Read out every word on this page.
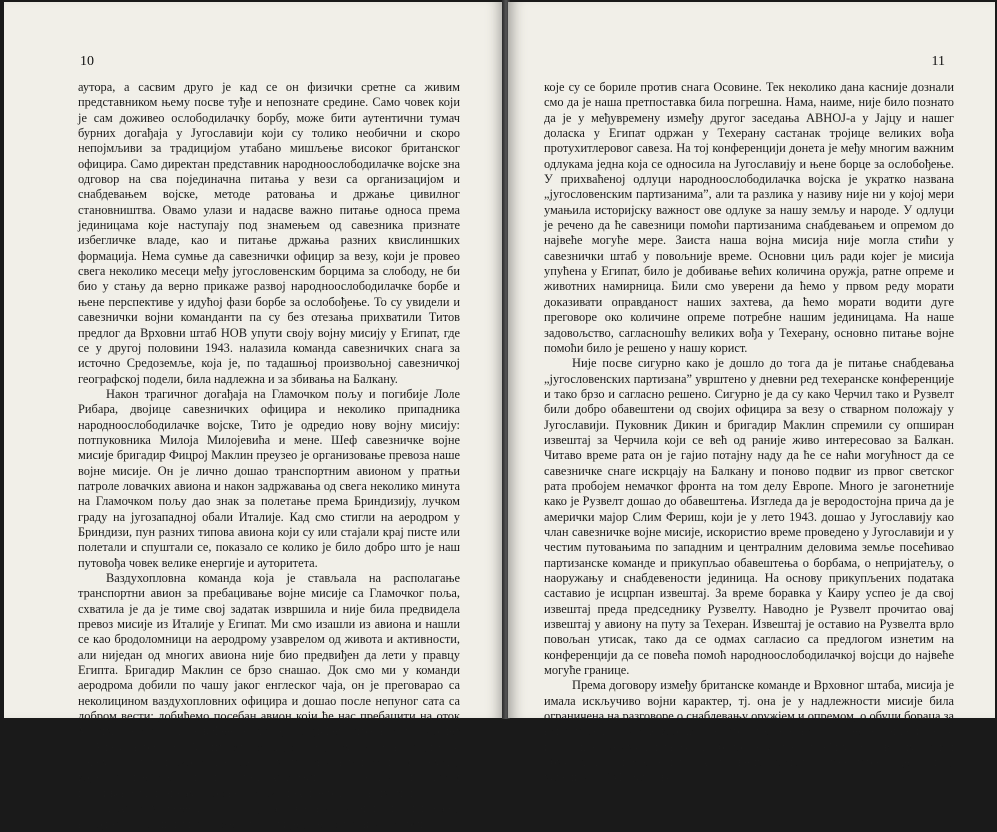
10

аутора, а сасвим друго је кад се он физички сретне са живим представником њему посве туђе и непознате средине. Само човек који је сам доживео ослободилачку борбу, може бити аутентични тумач бурних догађаја у Југославији који су толико необични и скоро непојмљиви за традицијом утабано мишљење високог британског официра. Само директан представник народноослободилачке војске зна одговор на сва појединачна питања у вези са организацијом и снабдевањем војске, методе ратовања и држање цивилног становништва. Овамо улази и надасве важно питање односа према јединицама које наступају под знамењем од савезника признате избегличке владе, као и питање држања разних квислиншких формација. Нема сумње да савезнички официр за везу, који је провео свега неколико месеци међу југословенским борцима за слободу, не би био у стању да верно прикаже развој народноослободилачке борбе и њене перспективе у идућој фази борбе за ослобођење. То су увидели и савезнички војни команданти па су без отезања прихватили Титов предлог да Врховни штаб НОВ упути своју војну мисију у Египат, где се у другој половини 1943. налазила команда савезничких снага за источно Средоземље, која је, по тадашњој произвољној савезничкој географској подели, била надлежна и за збивања на Балкану.

Након трагичног догађаја на Гламочком пољу и погибије Лоле Рибара, двојице савезничких официра и неколико припадника народноослободилачке војске, Тито је одредио нову војну мисију: потпуковника Милоја Милојевића и мене. Шеф савезничке војне мисије бригадир Фицрој Маклин преузео је организовање превоза наше војне мисије. Он је лично дошао транспортним авионом у пратњи патроле ловачких авиона и након задржавања од свега неколико минута на Гламочком пољу дао знак за полетање према Бриндизију, лучком граду на југозападној обали Италије. Кад смо стигли на аеродром у Бриндизи, пун разних типова авиона који су или стајали крај писте или полетали и спуштали се, показало се колико је било добро што је наш путовођа човек велике енергије и ауторитета.

Ваздухопловна команда која је стављала на располагање транспортни авион за пребацивање војне мисије са Гламочког поља, схватила је да је тиме свој задатак извршила и није била предвидела превоз мисије из Италије у Египат. Ми смо изашли из авиона и нашли се као бродоломници на аеродрому узаврелом од живота и активности, али ниједан од многих авиона није био предвиђен да лети у правцу Египта. Бригадир Маклин се брзо снашао. Док смо ми у команди аеродрома добили по чашу јаког енглеског чаја, он је преговарао са неколицином ваздухопловних официра и дошао после непуног сата са добром вести: добићемо посебан авион који ће нас пребацити на оток Малту, где је било предвиђено ноћење, а следећег јутра настављамо лет за Александрију. На Малту смо се спустили у сумрак. Рано изјутра 4. децембра стигли смо у Александрију по сунчаном и топлом времену које је представљало пријатан контраст са хладним и снегом покривеним планинама Босне које смо тек дан раније напустили.

Тако је учињен први корак, како се нама чинило, ка признању народноослободилачке војске Југославије у ред савезничких армија

11

које су се бориле против снага Осовине. Тек неколико дана касније дознали смо да је наша претпоставка била погрешна. Нама, наиме, није било познато да је у међувремену између другог заседања АВНОЈ-а у Јајцу и нашег доласка у Египат одржан у Техерану састанак тројице великих вођа протухитлеровог савеза. На тој конференцији донета је међу многим важним одлукама једна која се односила на Југославију и њене борце за ослобођење. У прихваћеној одлуци народноослободилачка војска је укратко названа „југословенским партизанима”, али та разлика у називу није ни у којој мери умањила историјску важност ове одлуке за нашу земљу и народе. У одлуци је речено да ће савезници помоћи партизанима снабдевањем и опремом до највеће могуће мере. Заиста наша војна мисија није могла стићи у савезнички штаб у повољније време. Основни циљ ради којег је мисија упућена у Египат, било је добивање већих количина оружја, ратне опреме и животних намирница. Били смо уверени да ћемо у првом реду морати доказивати оправданост наших захтева, да ћемо морати водити дуге преговоре око количине опреме потребне нашим јединицама. На наше задовољство, сагласношћу великих вођа у Техерану, основно питање војне помоћи било је решено у нашу корист.

Није посве сигурно како је дошло до тога да је питање снабдевања „југословенских партизана” уврштено у дневни ред техеранске конференције и тако брзо и сагласно решено. Сигурно је да су како Черчил тако и Рузвелт били добро обавештени од својих официра за везу о стварном положају у Југославији. Пуковник Дикин и бригадир Маклин спремили су опширан извештај за Черчила који се већ од раније живо интересовао за Балкан. Читаво време рата он је гајио потајну наду да ће се наћи могућност да се савезничке снаге искрцају на Балкану и поново подвиг из првог светског рата пробојем немачког фронта на том делу Европе. Много је загонетније како је Рузвелт дошао до обавештења. Изгледа да је веродостојна прича да је амерички мајор Слим Фериш, који је у лето 1943. дошао у Југославију као члан савезничке војне мисије, искористио време проведено у Југославији и у честим путовањима по западним и централним деловима земље посећивао партизанске команде и прикупљао обавештења о борбама, о непријатељу, о наоружању и снабдевености јединица. На основу прикупљених података саставио је исцрпан извештај. За време боравка у Каиру успео је да свој извештај преда председнику Рузвелту. Наводно је Рузвелт прочитао овај извештај у авиону на путу за Техеран. Извештај је оставио на Рузвелта врло повољан утисак, тако да се одмах сагласио са предлогом изнетим на конференцији да се повећа помоћ народноослободилачкој војсци до највеће могуће границе.

Према договору између британске команде и Врховног штаба, мисија је имала искључиво војни карактер, тј. она је у надлежности мисије била ограничена на разговоре о снабдевању оружјем и опремом, о обуци бораца за неке посебне задатке као што је образовање једне оклопне јединице и једне или више ваздухопловних. Требало је у предстојећим разговорима бити обухваћено и питање повратка пловних објеката ратне морнарице који су успели да 1941. исплове
